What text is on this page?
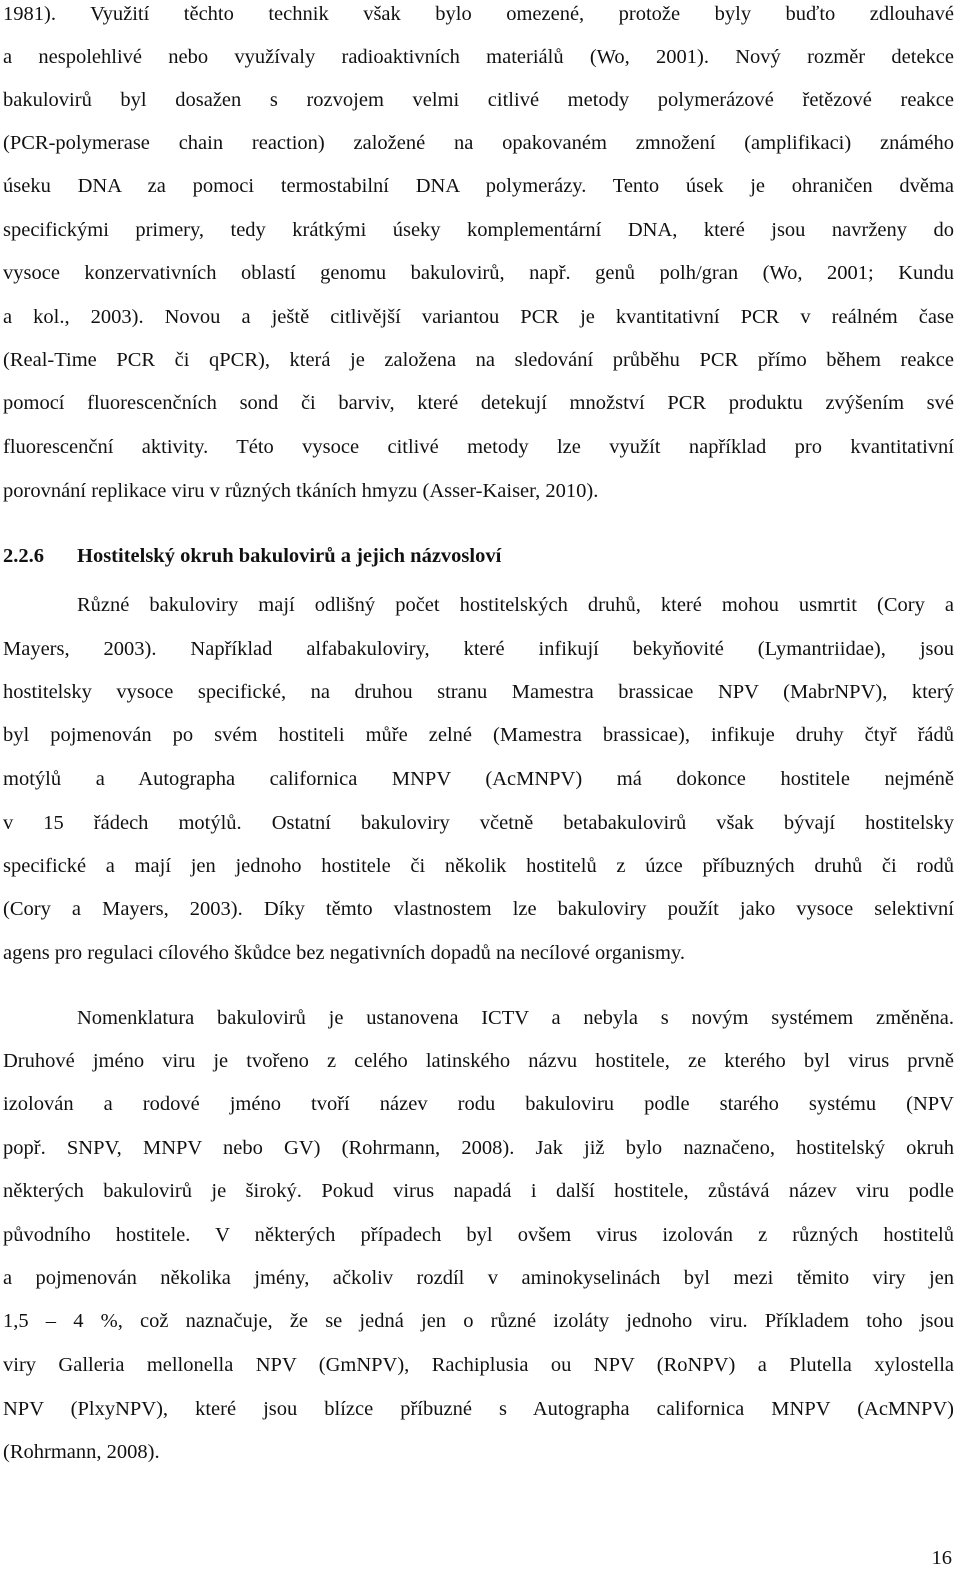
1981). Využití těchto technik však bylo omezené, protože byly buďto zdlouhavé
a nespolehlivé nebo využívaly radioaktivních materiálů (Wo, 2001). Nový rozměr detekce
bakulovirů byl dosažen s rozvojem velmi citlivé metody polymerázové řetězové reakce
(PCR-polymerase chain reaction) založené na opakovaném zmnožení (amplifikaci) známého
úseku DNA za pomoci termostabilní DNA polymerázy. Tento úsek je ohraničen dvěma
specifickými primery, tedy krátkými úseky komplementární DNA, které jsou navrženy do
vysoce konzervativních oblastí genomu bakulovirů, např. genů polh/gran (Wo, 2001; Kundu
a kol., 2003). Novou a ještě citlivější variantou PCR je kvantitativní PCR v reálném čase
(Real-Time PCR či qPCR), která je založena na sledování průběhu PCR přímo během reakce
pomocí fluorescenčních sond či barviv, které detekují množství PCR produktu zvýšením své
fluorescenční aktivity. Této vysoce citlivé metody lze využít například pro kvantitativní
porovnání replikace viru v různých tkáních hmyzu (Asser-Kaiser, 2010).
2.2.6 Hostitelský okruh bakulovirů a jejich názvosloví
Různé bakuloviry mají odlišný počet hostitelských druhů, které mohou usmrtit (Cory a
Mayers, 2003). Například alfabakuloviry, které infikují bekyňovité (Lymantriidae), jsou
hostitelsky vysoce specifické, na druhou stranu Mamestra brassicae NPV (MabrNPV), který
byl pojmenován po svém hostiteli můře zelné (Mamestra brassicae), infikuje druhy čtyř řádů
motýlů a Autographa californica MNPV (AcMNPV) má dokonce hostitele nejméně
v 15 řádech motýlů. Ostatní bakuloviry včetně betabakulovirů však bývají hostitelsky
specifické a mají jen jednoho hostitele či několik hostitelů z úzce příbuzných druhů či rodů
(Cory a Mayers, 2003). Díky těmto vlastnostem lze bakuloviry použít jako vysoce selektivní
agens pro regulaci cílového škůdce bez negativních dopadů na necílové organismy.
Nomenklatura bakulovirů je ustanovena ICTV a nebyla s novým systémem změněna.
Druhové jméno viru je tvořeno z celého latinského názvu hostitele, ze kterého byl virus prvně
izolován a rodové jméno tvoří název rodu bakuloviru podle starého systému (NPV
popř. SNPV, MNPV nebo GV) (Rohrmann, 2008). Jak již bylo naznačeno, hostitelský okruh
některých bakulovirů je široký. Pokud virus napadá i další hostitele, zůstává název viru podle
původního hostitele. V některých případech byl ovšem virus izolován z různých hostitelů
a pojmenován několika jmény, ačkoliv rozdíl v aminokyselinách byl mezi těmito viry jen
1,5 – 4 %, což naznačuje, že se jedná jen o různé izoláty jednoho viru. Příkladem toho jsou
viry Galleria mellonella NPV (GmNPV), Rachiplusia ou NPV (RoNPV) a Plutella xylostella
NPV (PlxyNPV), které jsou blízce příbuzné s Autographa californica MNPV (AcMNPV)
(Rohrmann, 2008).
16
